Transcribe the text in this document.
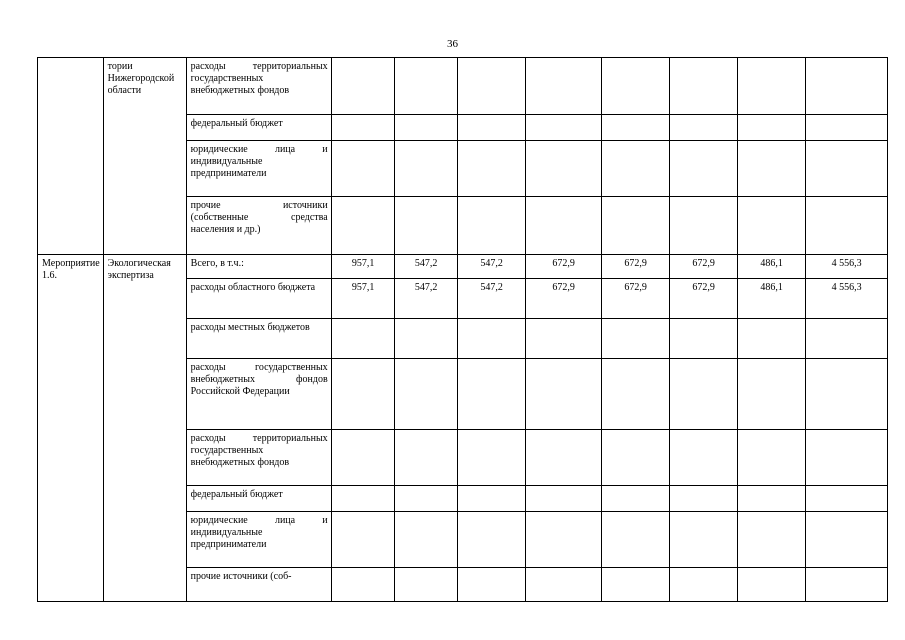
36
	тории Нижегородской области	расходы территориальных государственных внебюджетных фондов								
		федеральный бюджет								
		юридические лица и индивидуальные предприниматели								
		прочие источники (собственные средства населения и др.)								
Мероприятие 1.6.	Экологическая экспертиза	Всего, в т.ч.:	957,1	547,2	547,2	672,9	672,9	672,9	486,1	4 556,3
		расходы областного бюджета	957,1	547,2	547,2	672,9	672,9	672,9	486,1	4 556,3
		расходы местных бюджетов								
		расходы государственных внебюджетных фондов Российской Федерации								
		расходы территориальных государственных внебюджетных фондов								
		федеральный бюджет								
		юридические лица и индивидуальные предприниматели								
		прочие источники (соб-								
